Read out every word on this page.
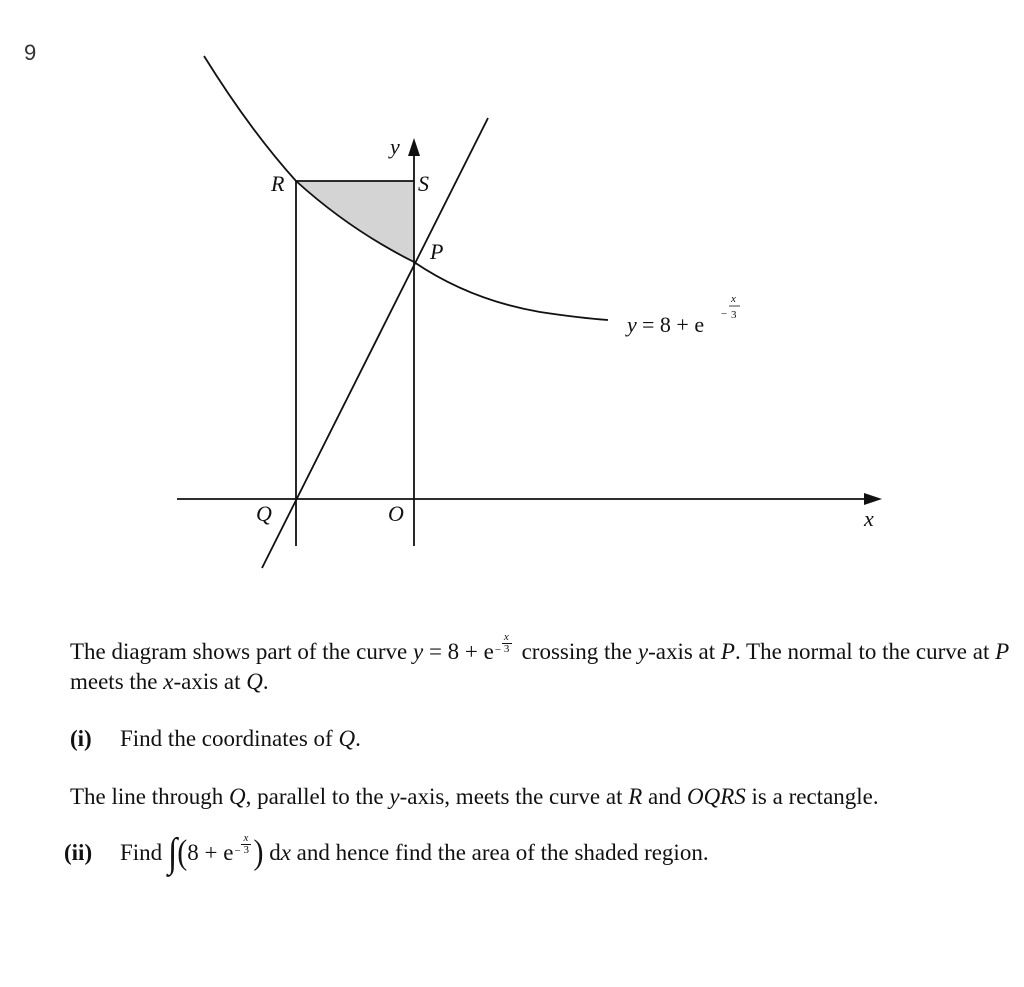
9
y
R	S
P
Q	O	x
y = 8 + e −
x
3
The diagram shows part of the curve y = 8 + e −
x
3 crossing the y-axis at P. The normal to the curve at P meets the x-axis at Q.
(i) Find the coordinates of Q.
The line through Q, parallel to the y-axis, meets the curve at R and OQRS is a rectangle.
(ii) Find ∫(8 + e −
x
3 ) dx and hence find the area of the shaded region.
